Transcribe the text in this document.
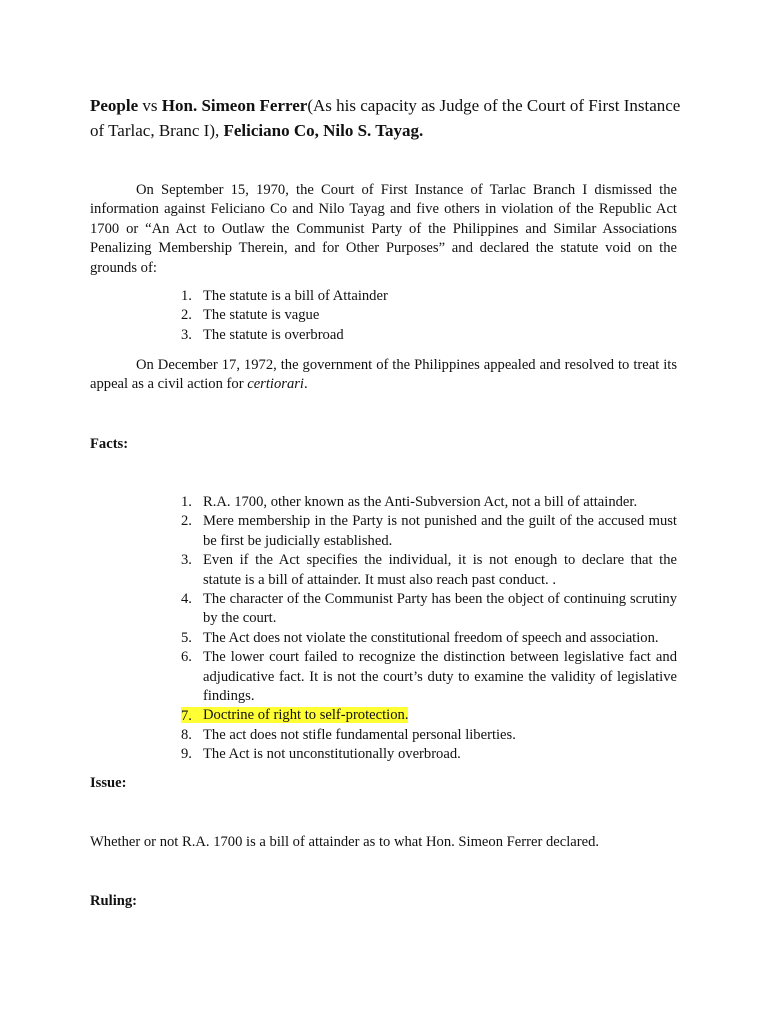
People vs Hon. Simeon Ferrer(As his capacity as Judge of the Court of First Instance of Tarlac, Branc I), Feliciano Co, Nilo S. Tayag.

On September 15, 1970, the Court of First Instance of Tarlac Branch I dismissed the information against Feliciano Co and Nilo Tayag and five others in violation of the Republic Act 1700 or “An Act to Outlaw the Communist Party of the Philippines and Similar Associations Penalizing Membership Therein, and for Other Purposes” and declared the statute void on the grounds of:

1. The statute is a bill of Attainder
2. The statute is vague
3. The statute is overbroad

On December 17, 1972, the government of the Philippines appealed and resolved to treat its appeal as a civil action for certiorari.

Facts:

1. R.A. 1700, other known as the Anti-Subversion Act, not a bill of attainder.
2. Mere membership in the Party is not punished and the guilt of the accused must be first be judicially established.
3. Even if the Act specifies the individual, it is not enough to declare that the statute is a bill of attainder. It must also reach past conduct. .
4. The character of the Communist Party has been the object of continuing scrutiny by the court.
5. The Act does not violate the constitutional freedom of speech and association.
6. The lower court failed to recognize the distinction between legislative fact and adjudicative fact. It is not the court’s duty to examine the validity of legislative findings.
7. Doctrine of right to self-protection.
8. The act does not stifle fundamental personal liberties.
9. The Act is not unconstitutionally overbroad.

Issue:

Whether or not R.A. 1700 is a bill of attainder as to what Hon. Simeon Ferrer declared.

Ruling:
